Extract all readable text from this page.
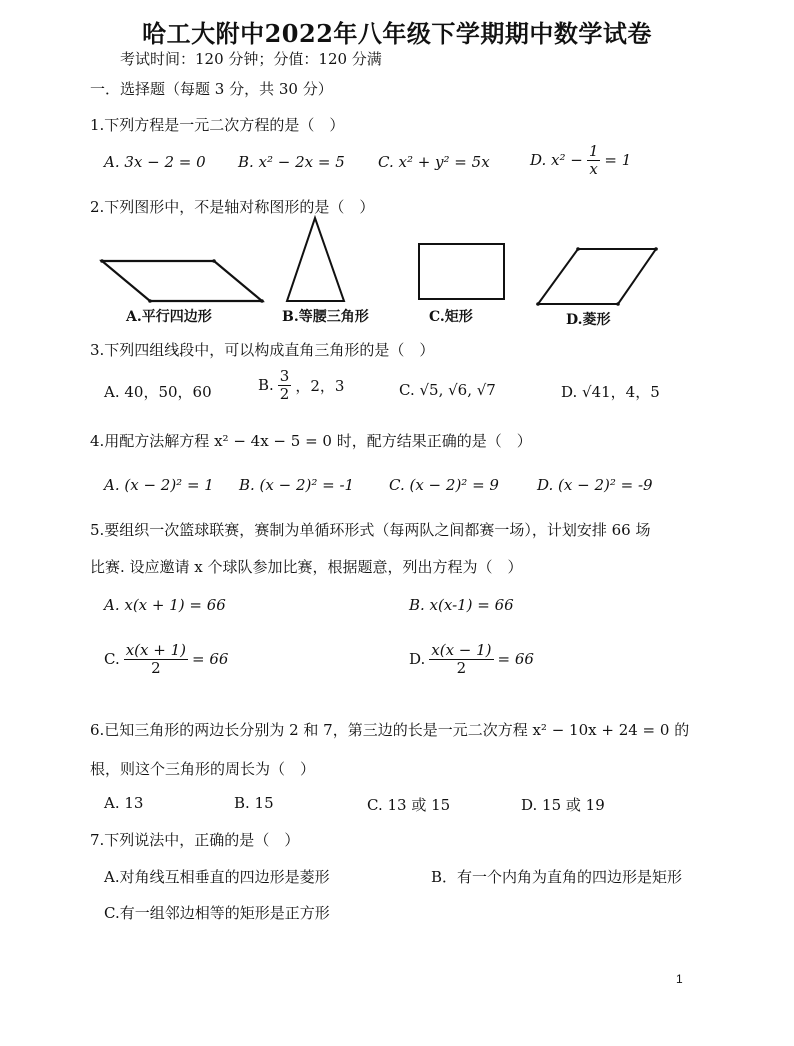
哈工大附中2022年八年级下学期期中数学试卷
考试时间：120 分钟；分值：120 分满
一．选择题（每题 3 分，共 30 分）
1.下列方程是一元二次方程的是（　）
A. 3x − 2 = 0 B. x² − 2x = 5 C. x² + y² = 5x	D. $x^2 - \frac{1}{x} = 1$
2.下列图形中，不是轴对称图形的是（　）
A.平行四边形	B.等腰三角形	C.矩形	D.菱形
3.下列四组线段中，可以构成直角三角形的是（　）
A. 40，50，60	B. $\frac{3}{2}$ ，2，3	C. √5, √6, √7	D. √41，4，5
4.用配方法解方程 x² − 4x − 5 = 0 时，配方结果正确的是（　）
A. (x − 2)² = 1 B. (x − 2)² = -1 C. (x − 2)² = 9	D. (x − 2)² = -9
5.要组织一次篮球联赛，赛制为单循环形式（每两队之间都赛一场），计划安排 66 场
比赛. 设应邀请 x 个球队参加比赛，根据题意，列出方程为（　）
A. x(x + 1) = 66	B. x(x-1) = 66
C. $\frac{x(x + 1)}{2} = 66$	D. $\frac{x(x - 1)}{2} = 66$
6.已知三角形的两边长分别为 2 和 7，第三边的长是一元二次方程 x² − 10x + 24 = 0 的
根，则这个三角形的周长为（　）
A. 13	B. 15	C. 13 或 15	D. 15 或 19
7.下列说法中，正确的是（　）
A.对角线互相垂直的四边形是菱形	B．有一个内角为直角的四边形是矩形
C.有一组邻边相等的矩形是正方形
1
